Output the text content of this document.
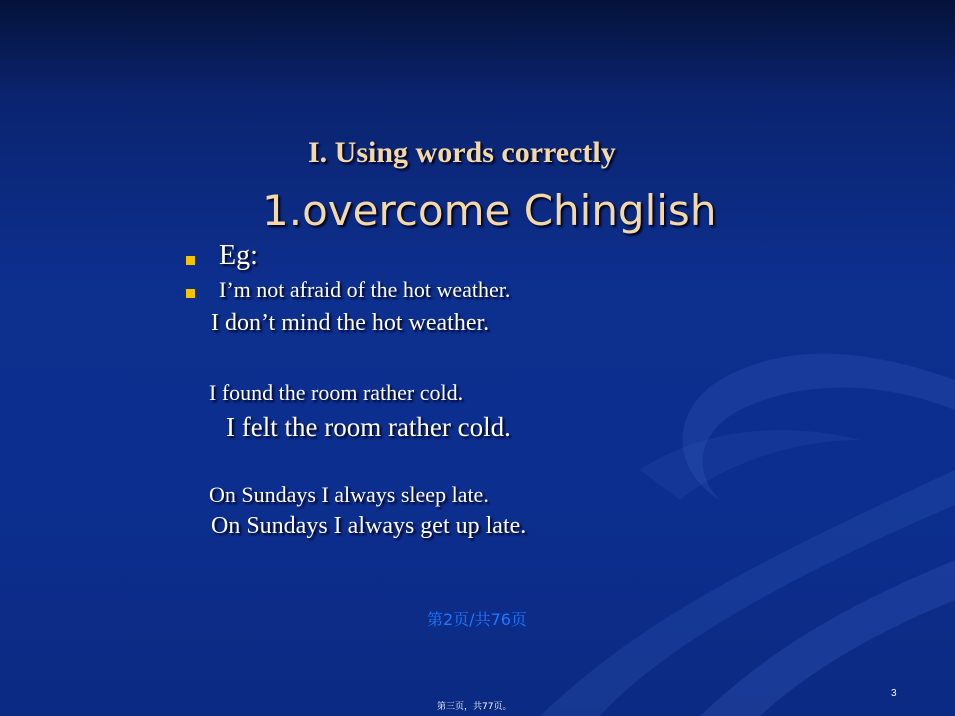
I. Using words correctly
1.overcome Chinglish
Eg:
I’m not afraid of the hot weather.
I don’t mind the hot weather.
I found the room rather cold.
I felt the room rather cold.
On Sundays I always sleep late.
On Sundays I always get up late.
第2页/共76页
3
第三页，共77页。
